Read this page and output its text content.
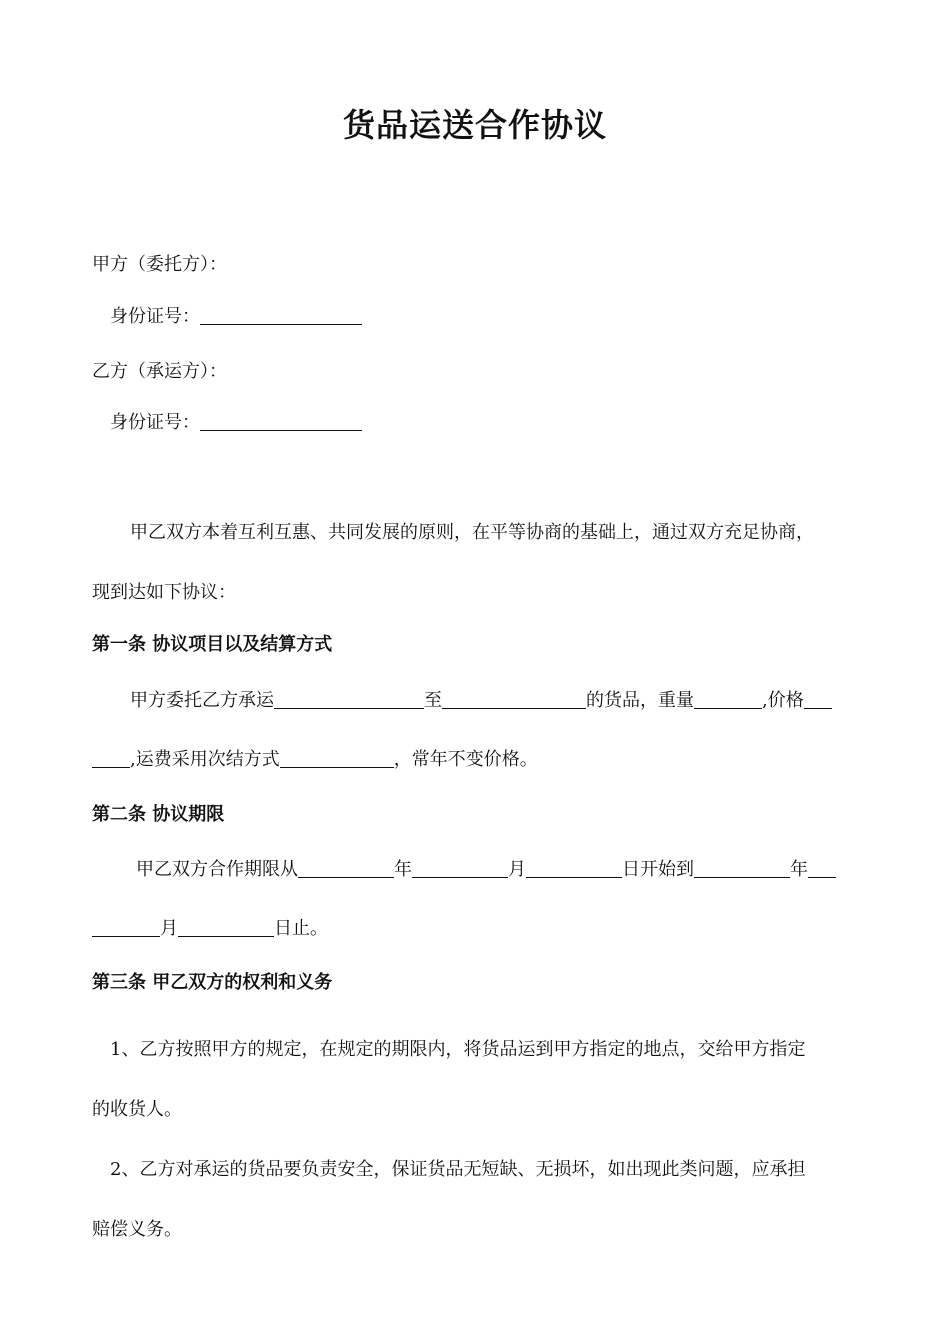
货品运送合作协议
甲方（委托方）：
身份证号：
乙方（承运方）：
身份证号：
甲乙双方本着互利互惠、共同发展的原则，在平等协商的基础上，通过双方充足协商，
现到达如下协议：
第一条 协议项目以及结算方式
甲方委托乙方承运	至	的货品，重量	,价格
,运费采用次结方式	，常年不变价格。
第二条 协议期限
甲乙双方合作期限从	年	月	日开始到	年
月	日止。
第三条 甲乙双方的权利和义务
1、乙方按照甲方的规定，在规定的期限内，将货品运到甲方指定的地点，交给甲方指定
的收货人。
2、乙方对承运的货品要负责安全，保证货品无短缺、无损坏，如出现此类问题，应承担
赔偿义务。
